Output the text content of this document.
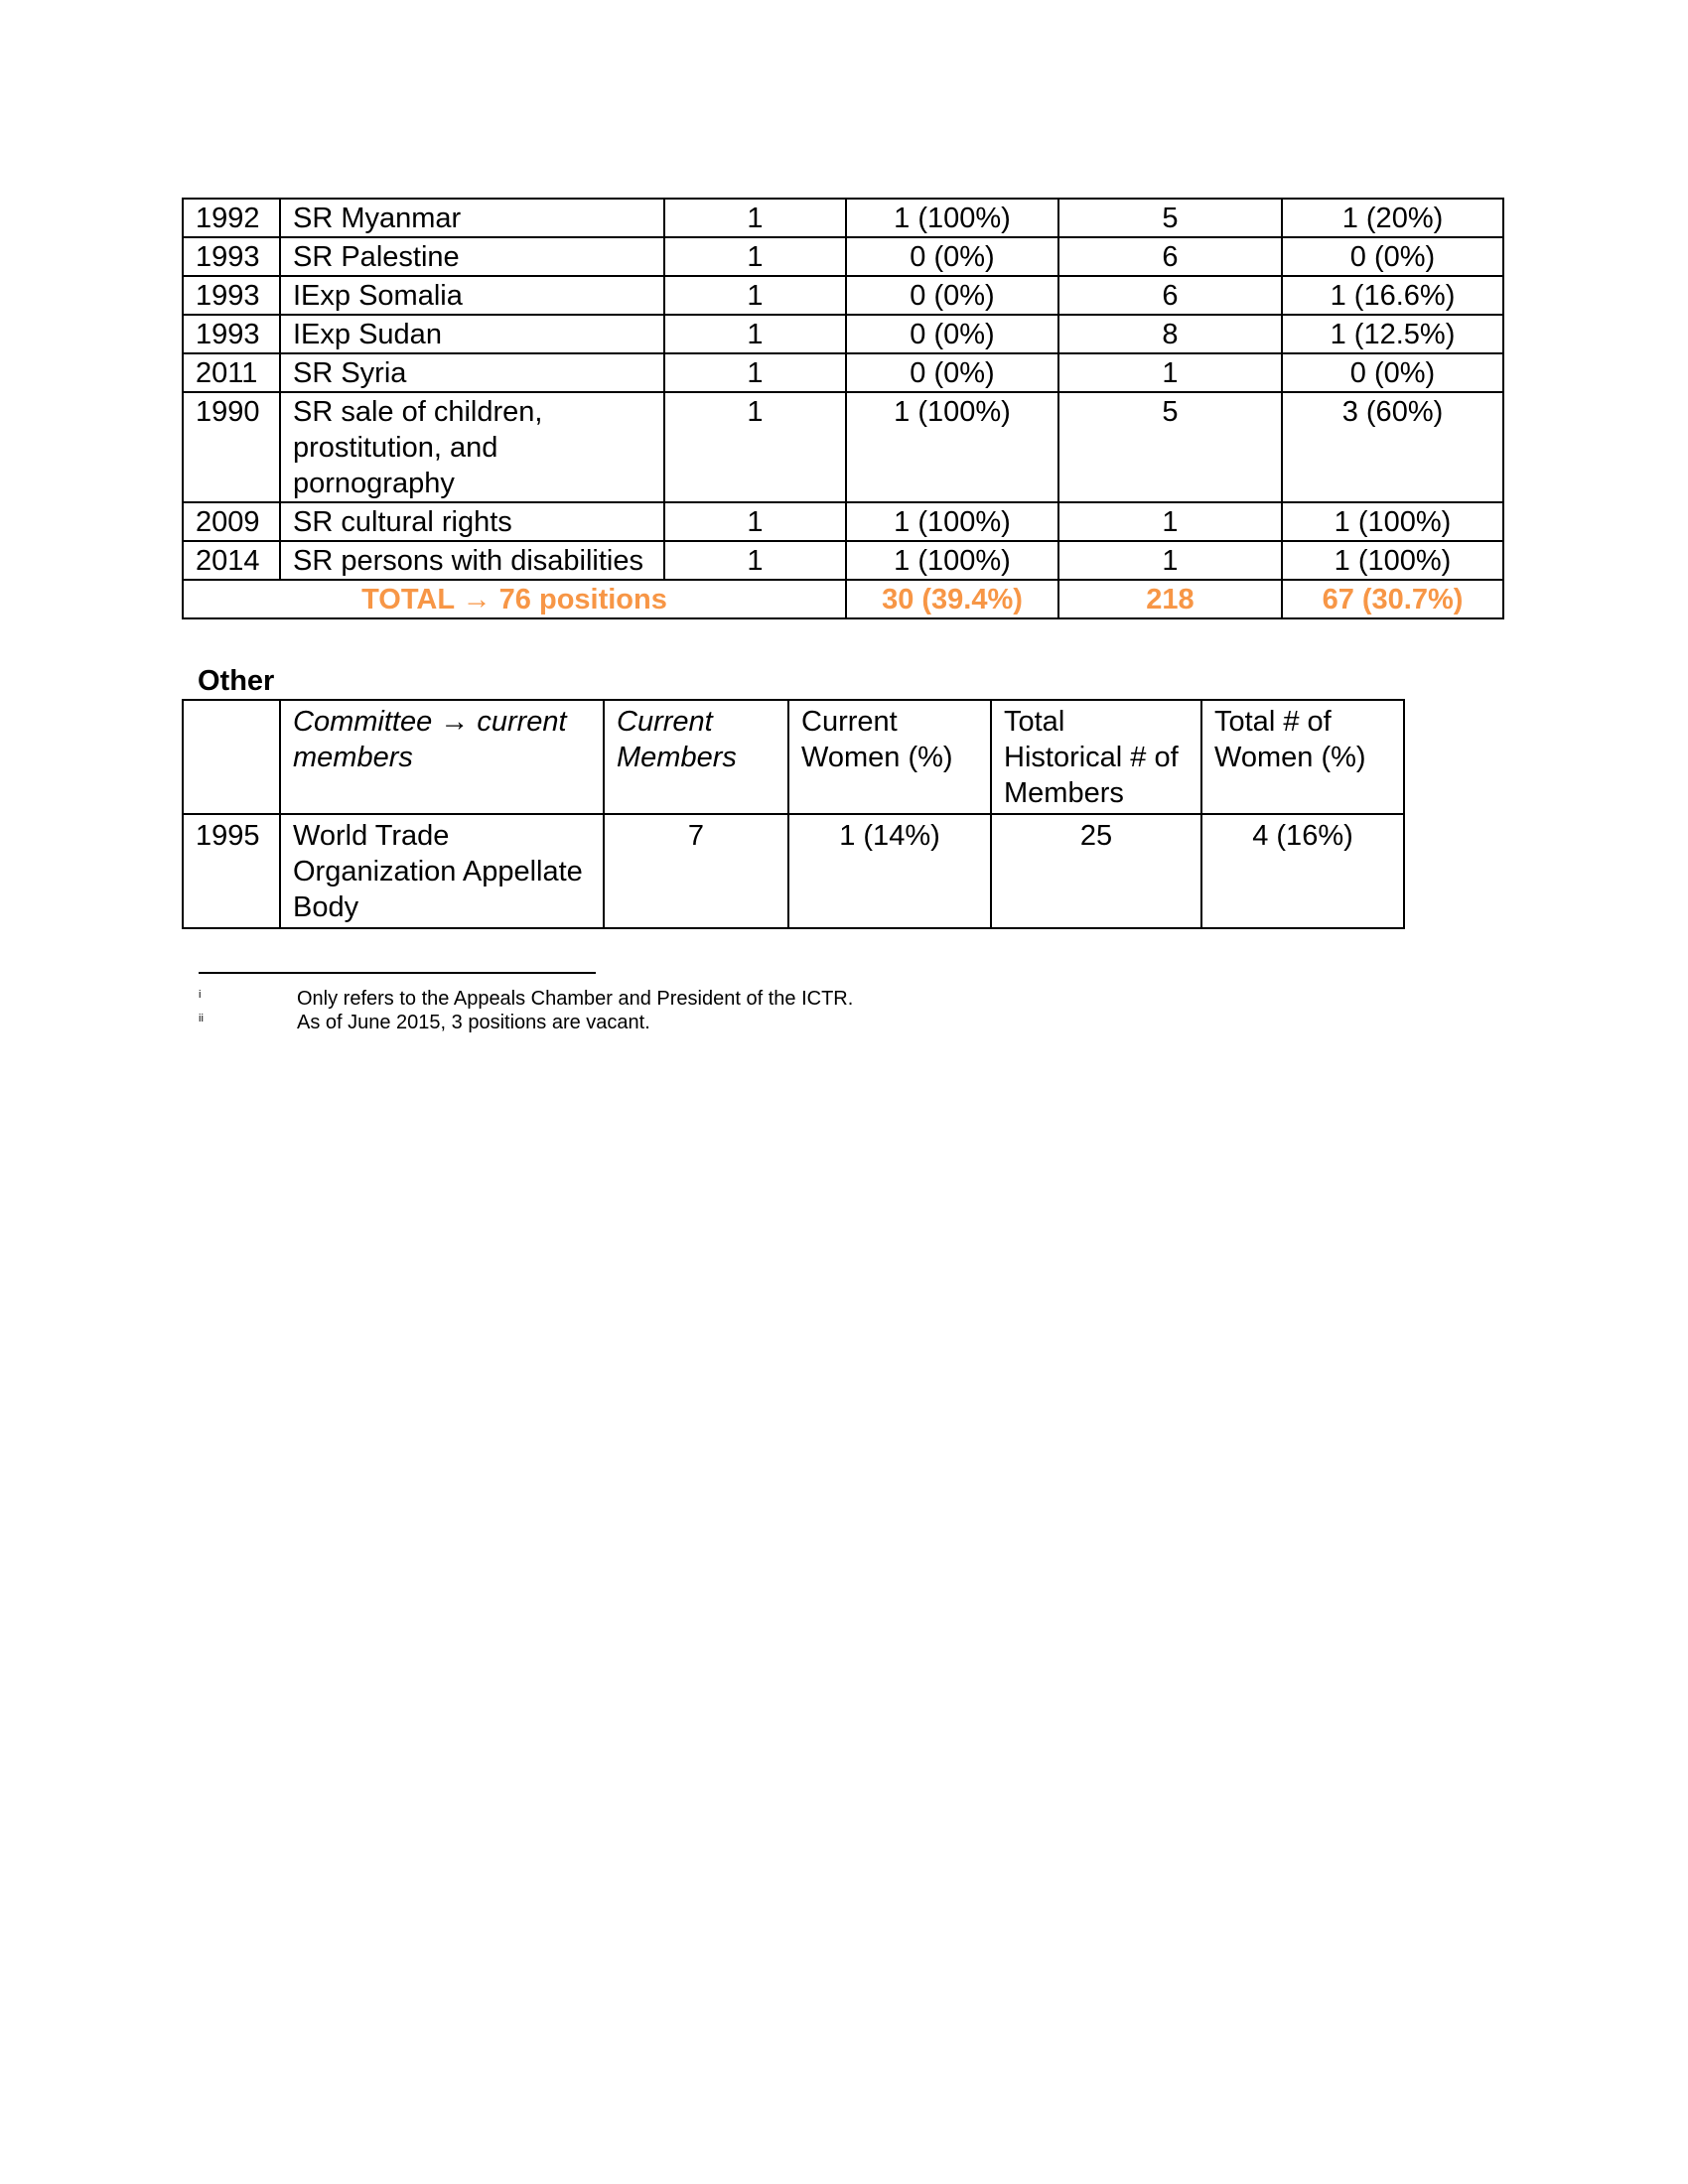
1992	SR Myanmar	1	1 (100%)	5	1 (20%)
1993	SR Palestine	1	0 (0%)	6	0 (0%)
1993	IExp Somalia	1	0 (0%)	6	1 (16.6%)
1993	IExp Sudan	1	0 (0%)	8	1 (12.5%)
2011	SR Syria	1	0 (0%)	1	0 (0%)
1990	SR sale of children, prostitution, and pornography	1	1 (100%)	5	3 (60%)
2009	SR cultural rights	1	1 (100%)	1	1 (100%)
2014	SR persons with disabilities	1	1 (100%)	1	1 (100%)
TOTAL → 76 positions			30 (39.4%)	218	67 (30.7%)
Other
	Committee → current members	Current Members	Current Women (%)	Total Historical # of Members	Total # of Women (%)
1995	World Trade Organization Appellate Body	7	1 (14%)	25	4 (16%)
i	Only refers to the Appeals Chamber and President of the ICTR.
ii	As of June 2015, 3 positions are vacant.
